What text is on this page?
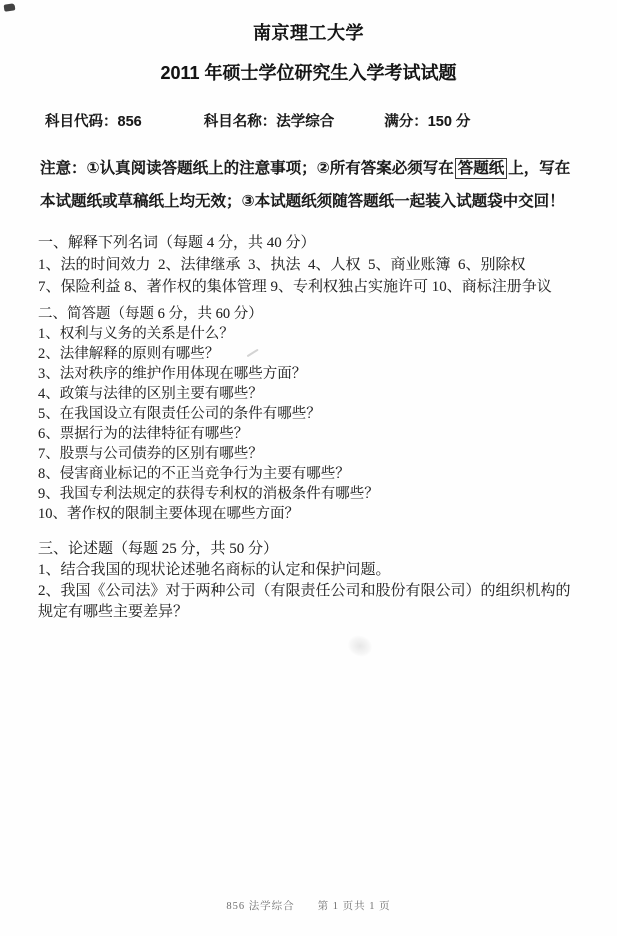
南京理工大学
2011 年硕士学位研究生入学考试试题
科目代码：856	科目名称：法学综合	满分：150 分
注意：①认真阅读答题纸上的注意事项；②所有答案必须写在 答题纸 上，写在
本试题纸或草稿纸上均无效；③本试题纸须随答题纸一起装入试题袋中交回！

一、解释下列名词（每题 4 分，共 40 分）

1、法的时间效力  2、法律继承  3、执法  4、人权  5、商业账簿  6、别除权

7、保险利益 8、著作权的集体管理 9、专利权独占实施许可 10、商标注册争议

二、简答题（每题 6 分，共 60 分）

1、权利与义务的关系是什么？

2、法律解释的原则有哪些？

3、法对秩序的维护作用体现在哪些方面？

4、政策与法律的区别主要有哪些？

5、在我国设立有限责任公司的条件有哪些？

6、票据行为的法律特征有哪些？

7、股票与公司债券的区别有哪些？

8、侵害商业标记的不正当竞争行为主要有哪些？

9、我国专利法规定的获得专利权的消极条件有哪些？

10、著作权的限制主要体现在哪些方面？

三、论述题（每题 25 分，共 50 分）

1、结合我国的现状论述驰名商标的认定和保护问题。

2、我国《公司法》对于两种公司（有限责任公司和股份有限公司）的组织机构的规定有哪些主要差异？

856 法学综合　　第 1 页共 1 页
